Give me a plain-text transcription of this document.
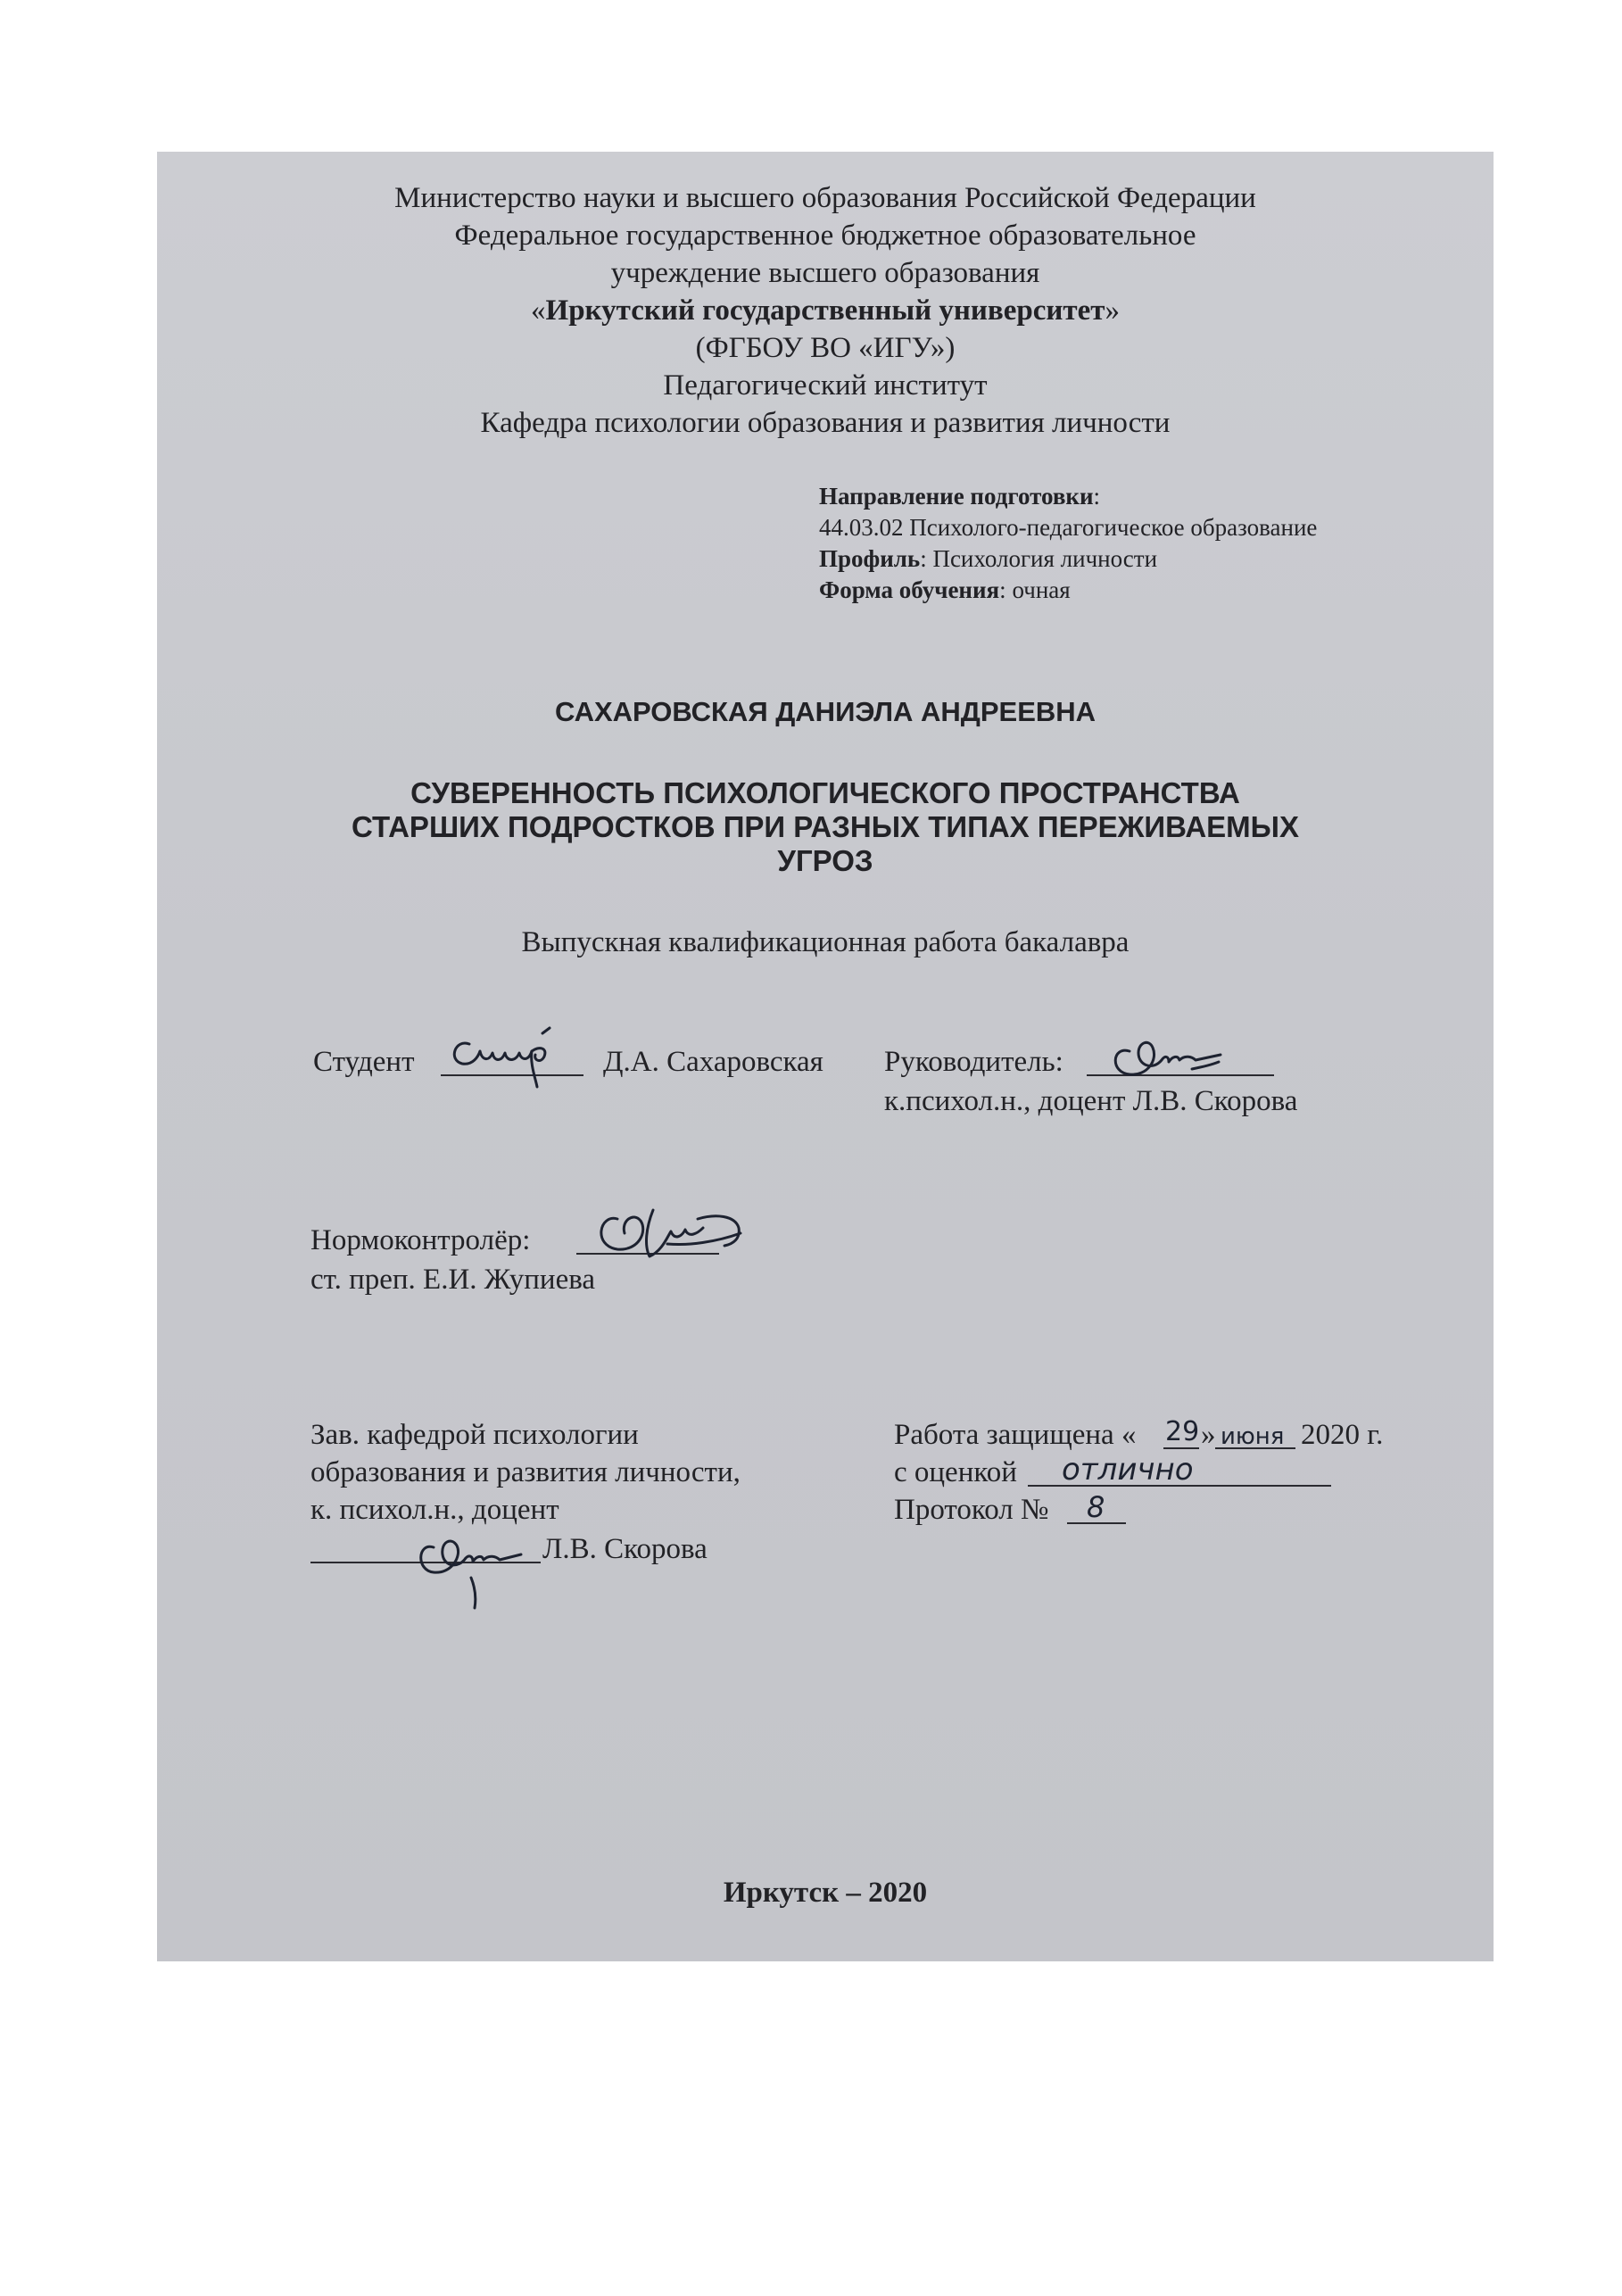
Министерство науки и высшего образования Российской Федерации
Федеральное государственное бюджетное образовательное
учреждение высшего образования
«Иркутский государственный университет»
(ФГБОУ ВО «ИГУ»)
Педагогический институт
Кафедра психологии образования и развития личности
Направление подготовки:
44.03.02 Психолого-педагогическое образование
Профиль: Психология личности
Форма обучения: очная
САХАРОВСКАЯ ДАНИЭЛА АНДРЕЕВНА
СУВЕРЕННОСТЬ ПСИХОЛОГИЧЕСКОГО ПРОСТРАНСТВА
СТАРШИХ ПОДРОСТКОВ ПРИ РАЗНЫХ ТИПАХ ПЕРЕЖИВАЕМЫХ
УГРОЗ
Выпускная квалификационная работа бакалавра
Студент	Д.А. Сахаровская Руководитель:
к.психол.н., доцент Л.В. Скорова
Нормоконтролёр:
ст. преп. Е.И. Жупиева
Зав. кафедрой психологии
образования и развития личности,
к. психол.н., доцент
Л.В. Скорова
Работа защищена « 29 » июня 2020 г.
с оценкой отлично
Протокол № 8
Иркутск – 2020
